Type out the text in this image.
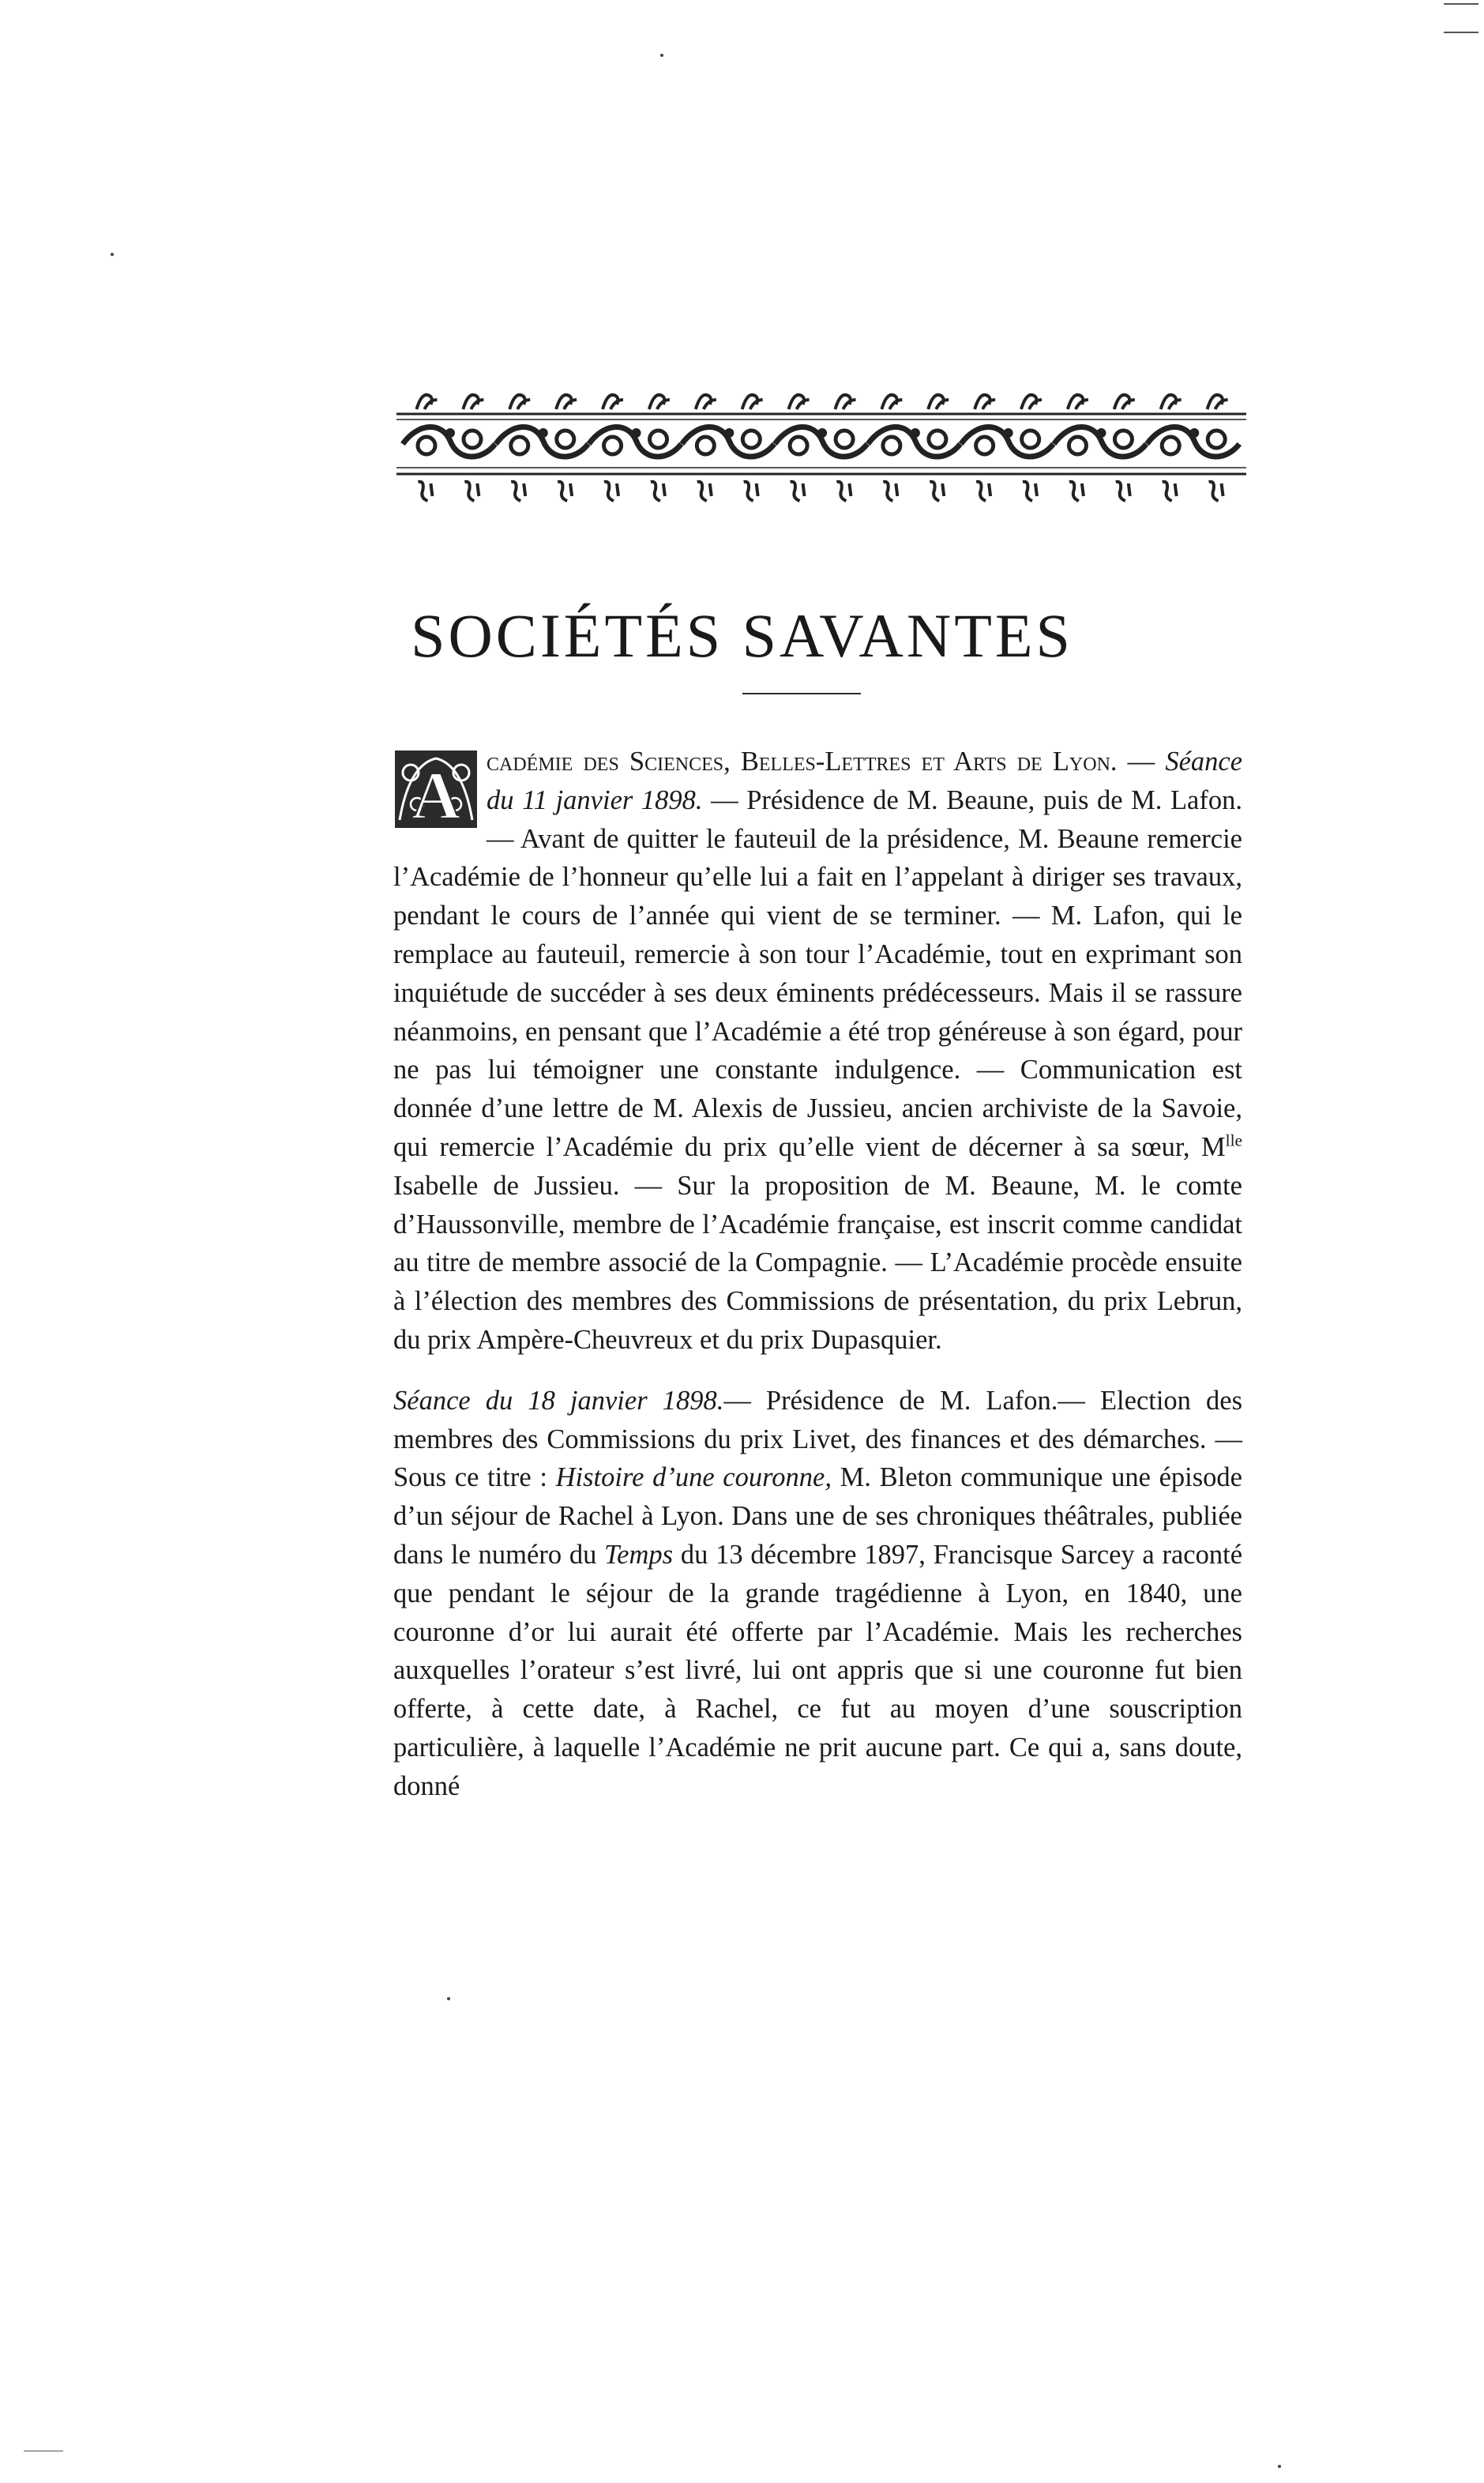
SOCIÉTÉS SAVANTES

A cadémie des Sciences, Belles-Lettres et Arts de Lyon. — Séance du 11 janvier 1898. — Présidence de M. Beaune, puis de M. Lafon. — Avant de quitter le fauteuil de la présidence, M. Beaune remercie l’Académie de l’honneur qu’elle lui a fait en l’appelant à diriger ses travaux, pendant le cours de l’année qui vient de se terminer. — M. Lafon, qui le remplace au fauteuil, remercie à son tour l’Académie, tout en exprimant son inquiétude de succéder à ses deux éminents prédécesseurs. Mais il se rassure néanmoins, en pensant que l’Académie a été trop généreuse à son égard, pour ne pas lui témoigner une constante indulgence. — Communication est donnée d’une lettre de M. Alexis de Jussieu, ancien archiviste de la Savoie, qui remercie l’Académie du prix qu’elle vient de décerner à sa sœur, $M^{lle}$ Isabelle de Jussieu. — Sur la proposition de M. Beaune, M. le comte d’Haussonville, membre de l’Académie française, est inscrit comme candidat au titre de membre associé de la Compagnie. — L’Académie procède ensuite à l’élection des membres des Commissions de présentation, du prix Lebrun, du prix Ampère-Cheuvreux et du prix Dupasquier.

Séance du 18 janvier 1898.— Présidence de M. Lafon.— Election des membres des Commissions du prix Livet, des finances et des démarches. — Sous ce titre : Histoire d’une couronne, M. Bleton communique une épisode d’un séjour de Rachel à Lyon. Dans une de ses chroniques théâtrales, publiée dans le numéro du Temps du 13 décembre 1897, Francisque Sarcey a raconté que pendant le séjour de la grande tragédienne à Lyon, en 1840, une couronne d’or lui aurait été offerte par l’Académie. Mais les recherches auxquelles l’orateur s’est livré, lui ont appris que si une couronne fut bien offerte, à cette date, à Rachel, ce fut au moyen d’une souscription particulière, à laquelle l’Académie ne prit aucune part. Ce qui a, sans doute, donné
